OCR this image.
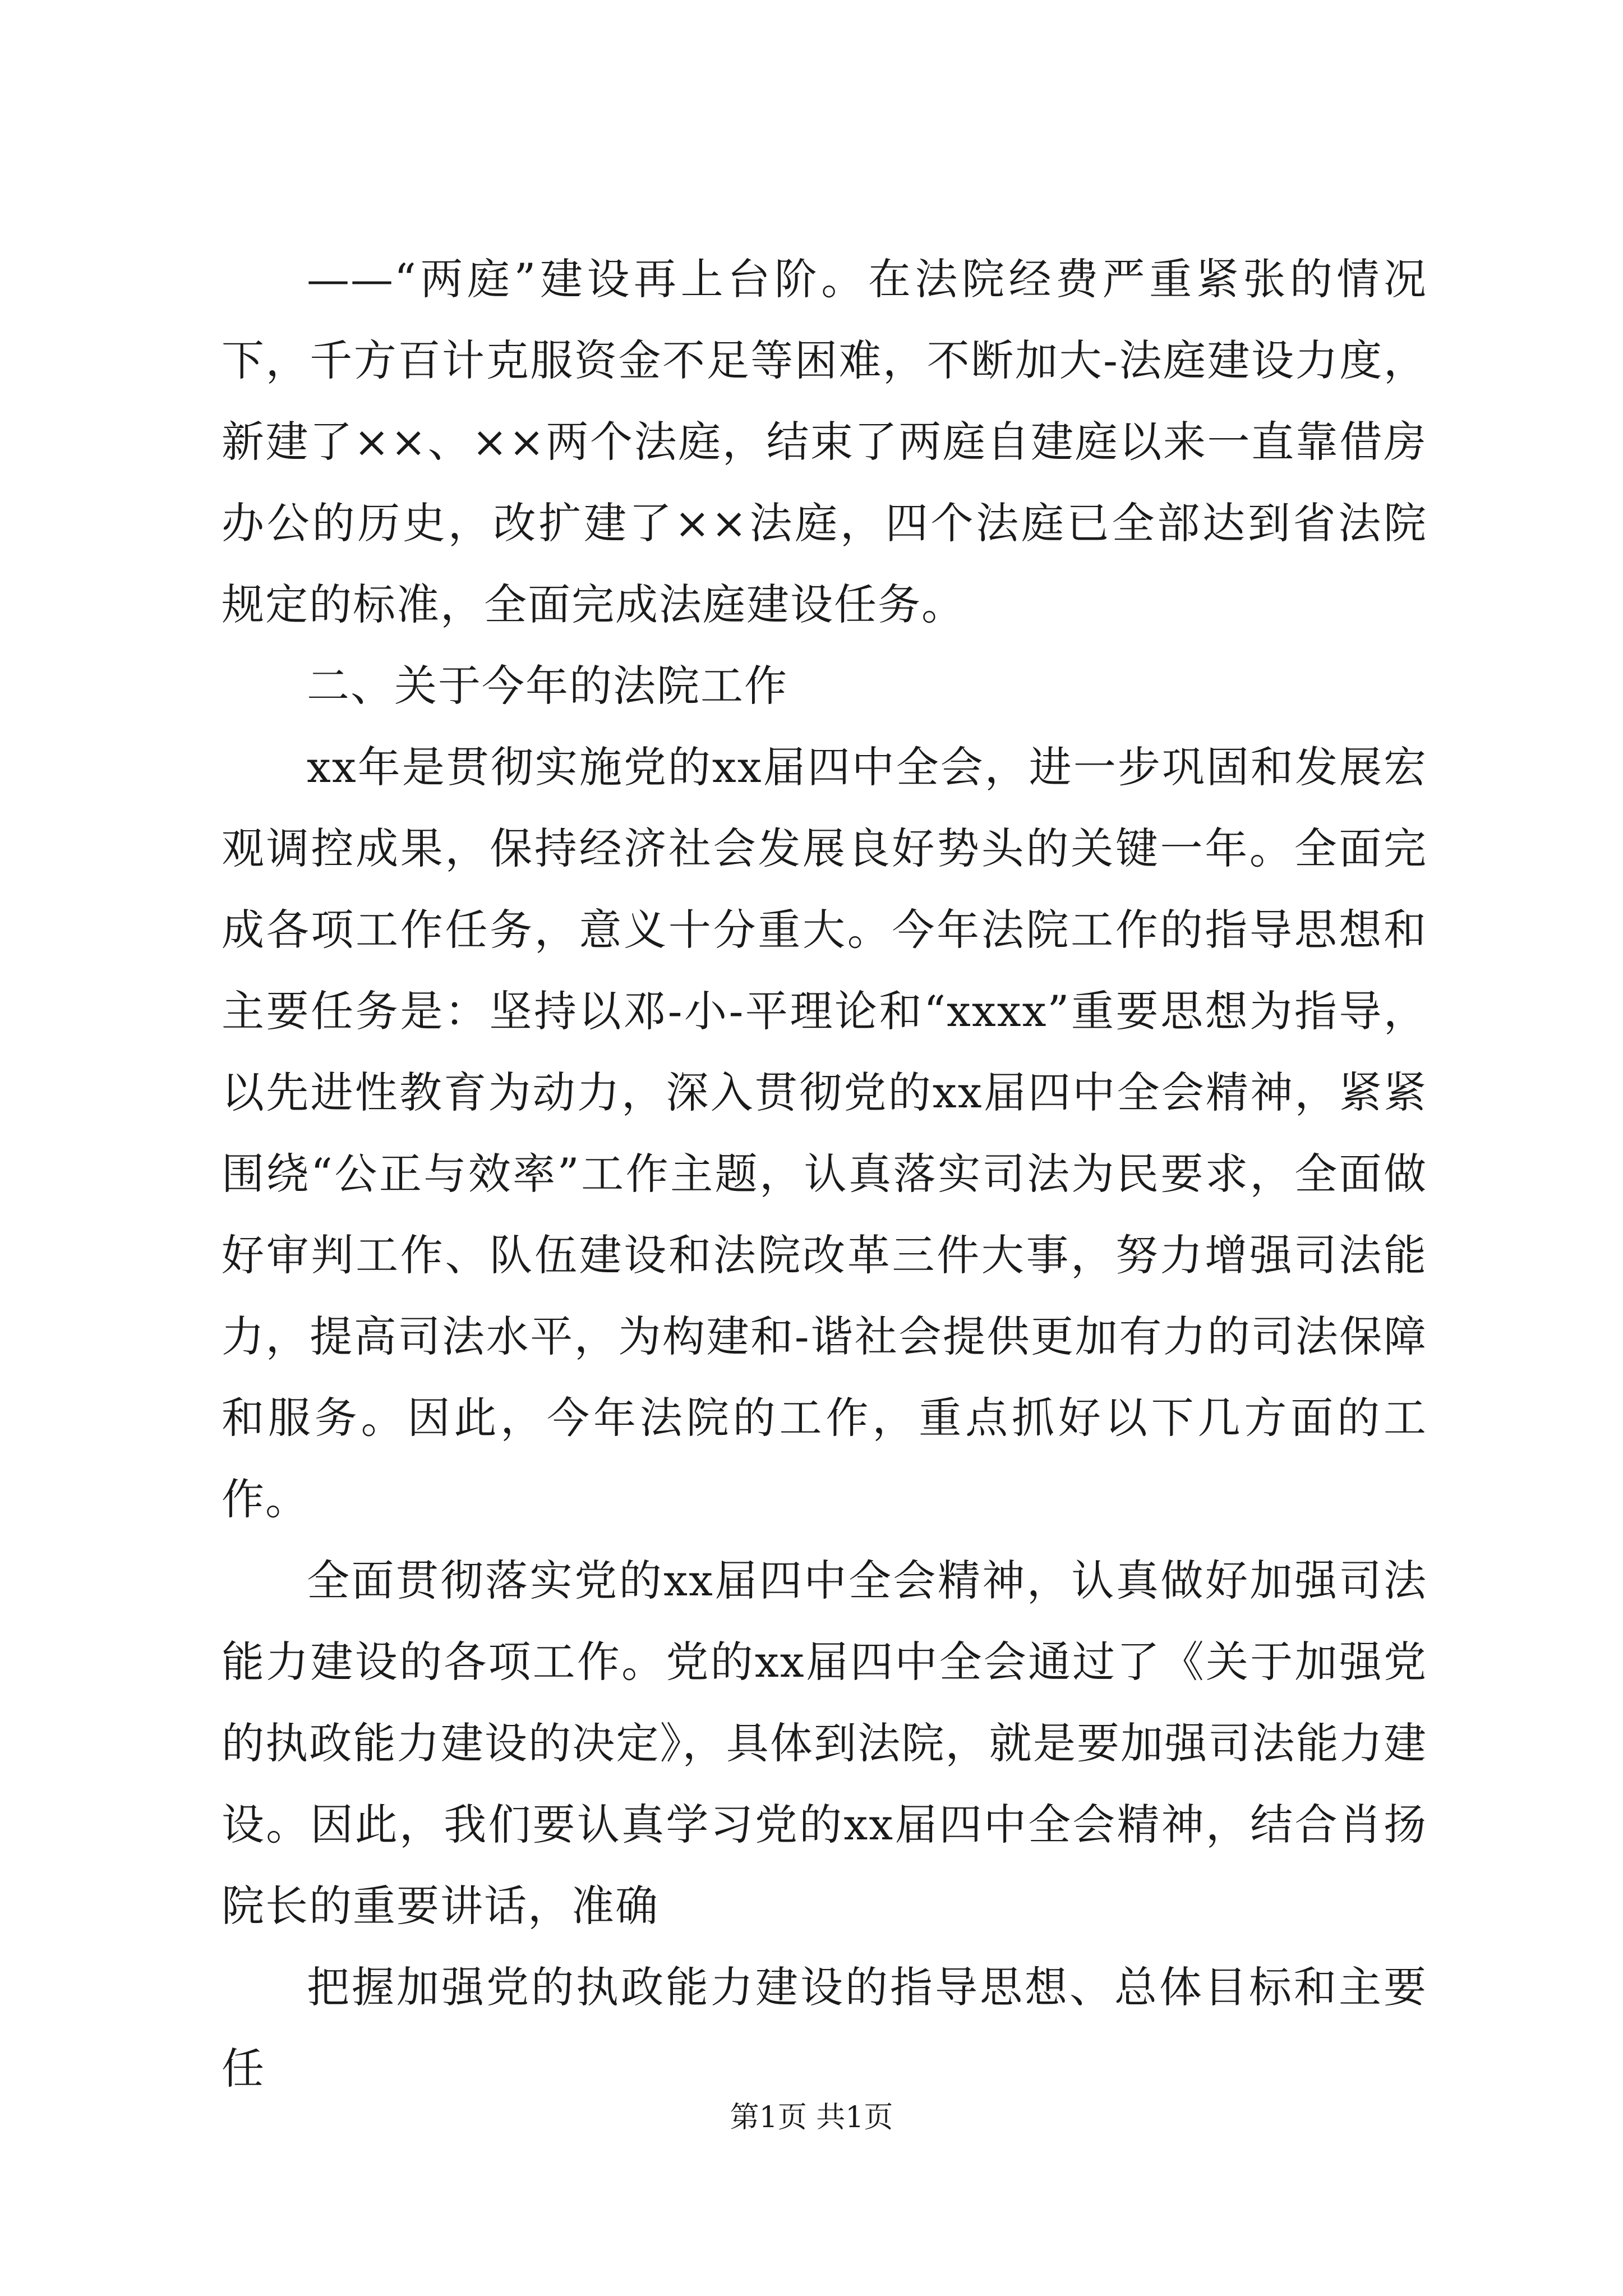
——“两庭”建设再上台阶。在法院经费严重紧张的情况下，千方百计克服资金不足等困难，不断加大-法庭建设力度，新建了××、××两个法庭，结束了两庭自建庭以来一直靠借房办公的历史，改扩建了××法庭，四个法庭已全部达到省法院规定的标准，全面完成法庭建设任务。

二、关于今年的法院工作

xx年是贯彻实施党的xx届四中全会，进一步巩固和发展宏观调控成果，保持经济社会发展良好势头的关键一年。全面完成各项工作任务，意义十分重大。今年法院工作的指导思想和主要任务是：坚持以邓-小-平理论和“xxxx”重要思想为指导，以先进性教育为动力，深入贯彻党的xx届四中全会精神，紧紧围绕“公正与效率”工作主题，认真落实司法为民要求，全面做好审判工作、队伍建设和法院改革三件大事，努力增强司法能力，提高司法水平，为构建和-谐社会提供更加有力的司法保障和服务。因此，今年法院的工作，重点抓好以下几方面的工作。

全面贯彻落实党的xx届四中全会精神，认真做好加强司法能力建设的各项工作。党的xx届四中全会通过了《关于加强党的执政能力建设的决定》，具体到法院，就是要加强司法能力建设。因此，我们要认真学习党的xx届四中全会精神，结合肖扬院长的重要讲话，准确

把握加强党的执政能力建设的指导思想、总体目标和主要任

第1页 共1页
